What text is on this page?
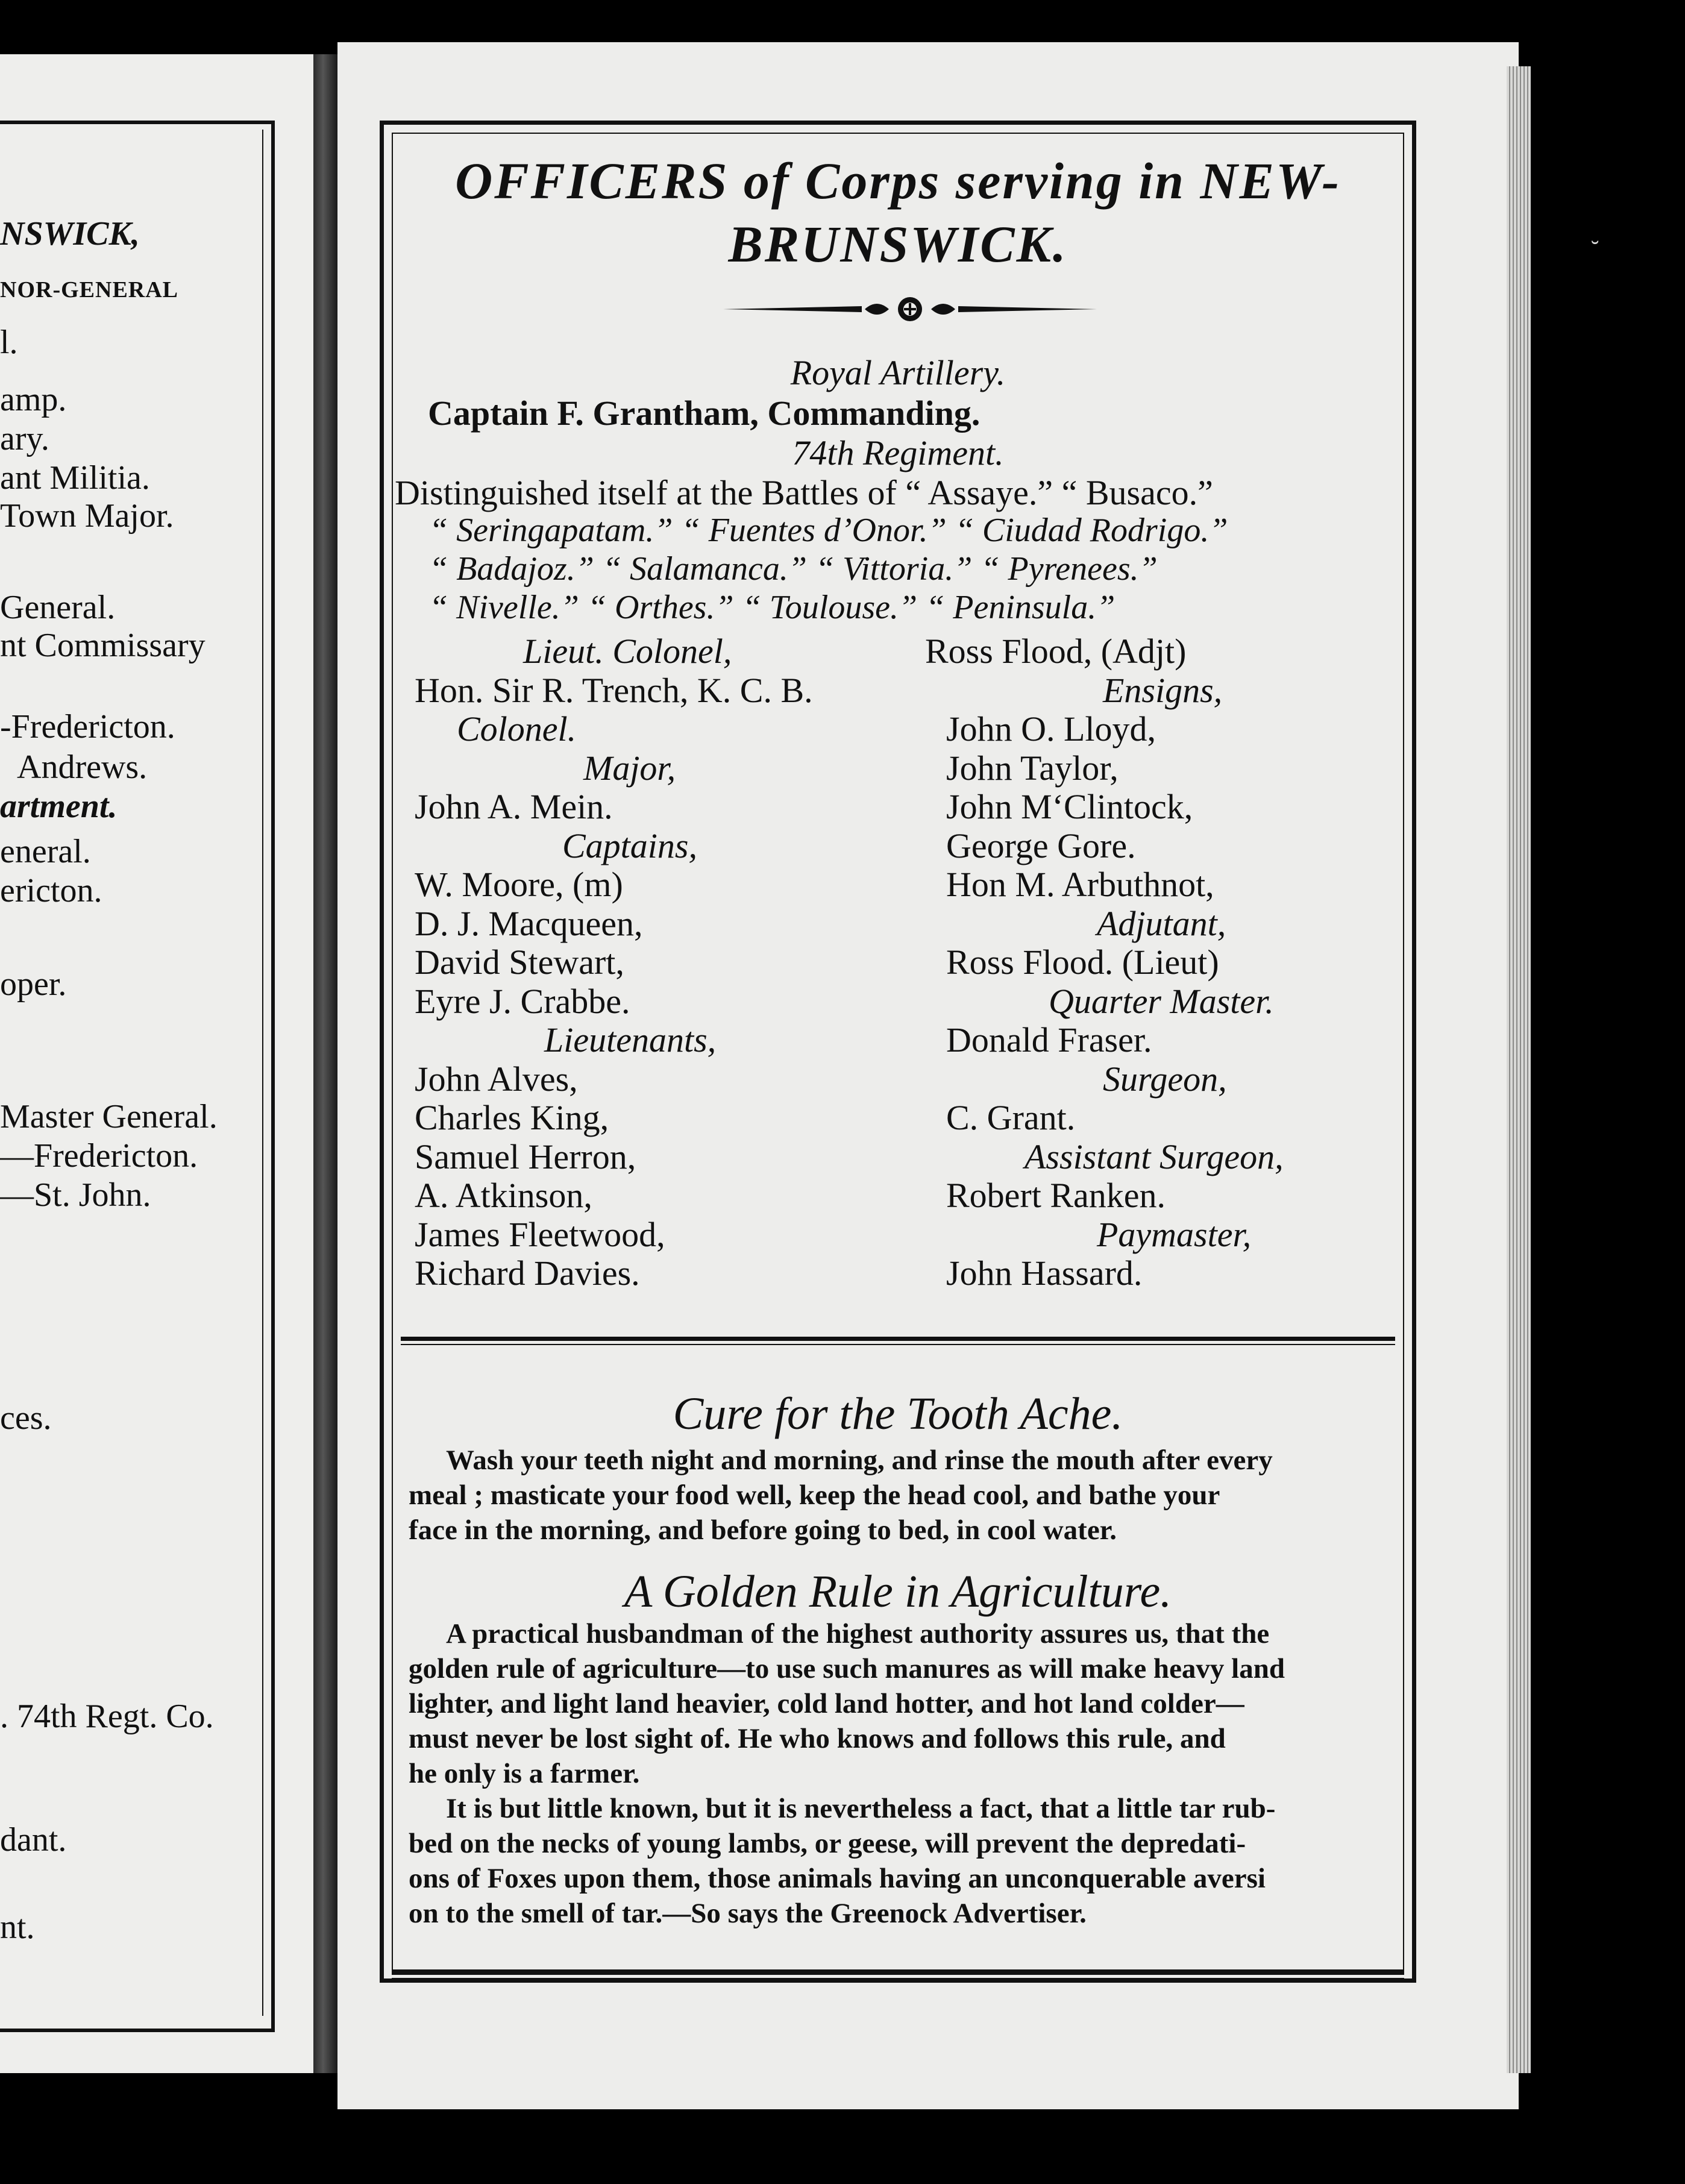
NSWICK,
NOR-GENERAL
l.
amp.
ary.
ant Militia.
Town Major.
General.
nt Commissary
-Fredericton.
Andrews.
artment.
eneral.
ericton.
oper.
Master General.
—Fredericton.
—St. John.
ces.
. 74th Regt. Co.
dant.
nt.
OFFICERS of Corps serving in NEW-
BRUNSWICK.
Royal Artillery.
Captain F. Grantham, Commanding.
74th Regiment.
Distinguished itself at the Battles of “ Assaye.” “ Busaco.”
“ Seringapatam.” “ Fuentes d’Onor.” “ Ciudad Rodrigo.”
“ Badajoz.” “ Salamanca.” “ Vittoria.” “ Pyrenees.”
“ Nivelle.” “ Orthes.” “ Toulouse.” “ Peninsula.”
Lieut. Colonel,
Hon. Sir R. Trench, K. C. B.
Colonel.
Major,
John A. Mein.
Captains,
W. Moore, (m)
D. J. Macqueen,
David Stewart,
Eyre J. Crabbe.
Lieutenants,
John Alves,
Charles King,
Samuel Herron,
A. Atkinson,
James Fleetwood,
Richard Davies.
Ross Flood, (Adjt)
Ensigns,
John O. Lloyd,
John Taylor,
John M‘Clintock,
George Gore.
Hon M. Arbuthnot,
Adjutant,
Ross Flood. (Lieut)
Quarter Master.
Donald Fraser.
Surgeon,
C. Grant.
Assistant Surgeon,
Robert Ranken.
Paymaster,
John Hassard.
Cure for the Tooth Ache.
Wash your teeth night and morning, and rinse the mouth after every
meal ; masticate your food well, keep the head cool, and bathe your
face in the morning, and before going to bed, in cool water.
A Golden Rule in Agriculture.
A practical husbandman of the highest authority assures us, that the
golden rule of agriculture—to use such manures as will make heavy land
lighter, and light land heavier, cold land hotter, and hot land colder—
must never be lost sight of. He who knows and follows this rule, and
he only is a farmer.
It is but little known, but it is nevertheless a fact, that a little tar rub-
bed on the necks of young lambs, or geese, will prevent the depredati-
ons of Foxes upon them, those animals having an unconquerable aversi
on to the smell of tar.—So says the Greenock Advertiser.
˘
